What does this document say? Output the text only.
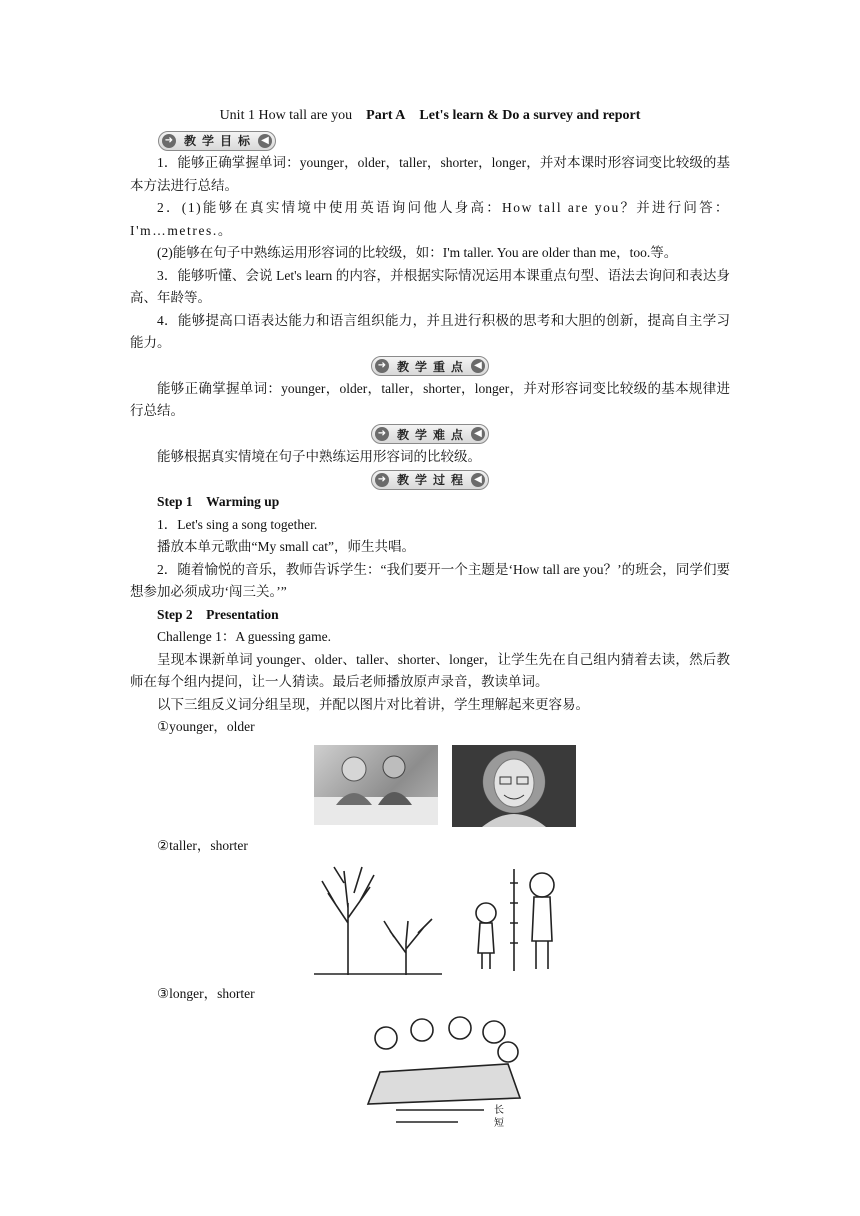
Unit 1 How tall are you Part A Let's learn & Do a survey and report
➜ 教学目标 ◀

1．能够正确掌握单词：younger，older，taller，shorter，longer，并对本课时形容词变比较级的基本方法进行总结。

2．(1)能够在真实情境中使用英语询问他人身高：How tall are you？并进行问答：I'm…metres.。

(2)能够在句子中熟练运用形容词的比较级，如：I'm taller. You are older than me，too.等。

3．能够听懂、会说 Let's learn 的内容，并根据实际情况运用本课重点句型、语法去询问和表达身高、年龄等。

4．能够提高口语表达能力和语言组织能力，并且进行积极的思考和大胆的创新，提高自主学习能力。

➜ 教学重点 ◀

能够正确掌握单词：younger，older，taller，shorter，longer，并对形容词变比较级的基本规律进行总结。

➜ 教学难点 ◀

能够根据真实情境在句子中熟练运用形容词的比较级。

➜ 教学过程 ◀

Step 1　Warming up

1．Let's sing a song together.

播放本单元歌曲“My small cat”，师生共唱。

2．随着愉悦的音乐，教师告诉学生：“我们要开一个主题是‘How tall are you？’的班会，同学们要想参加必须成功‘闯三关。’”

Step 2　Presentation

Challenge 1：A guessing game.

呈现本课新单词 younger、older、taller、shorter、longer，让学生先在自己组内猜着去读，然后教师在每个组内提问，让一人猜读。最后老师播放原声录音，教读单词。

以下三组反义词分组呈现，并配以图片对比着讲，学生理解起来更容易。

①younger，older

②taller，shorter

③longer，shorter

长
短
